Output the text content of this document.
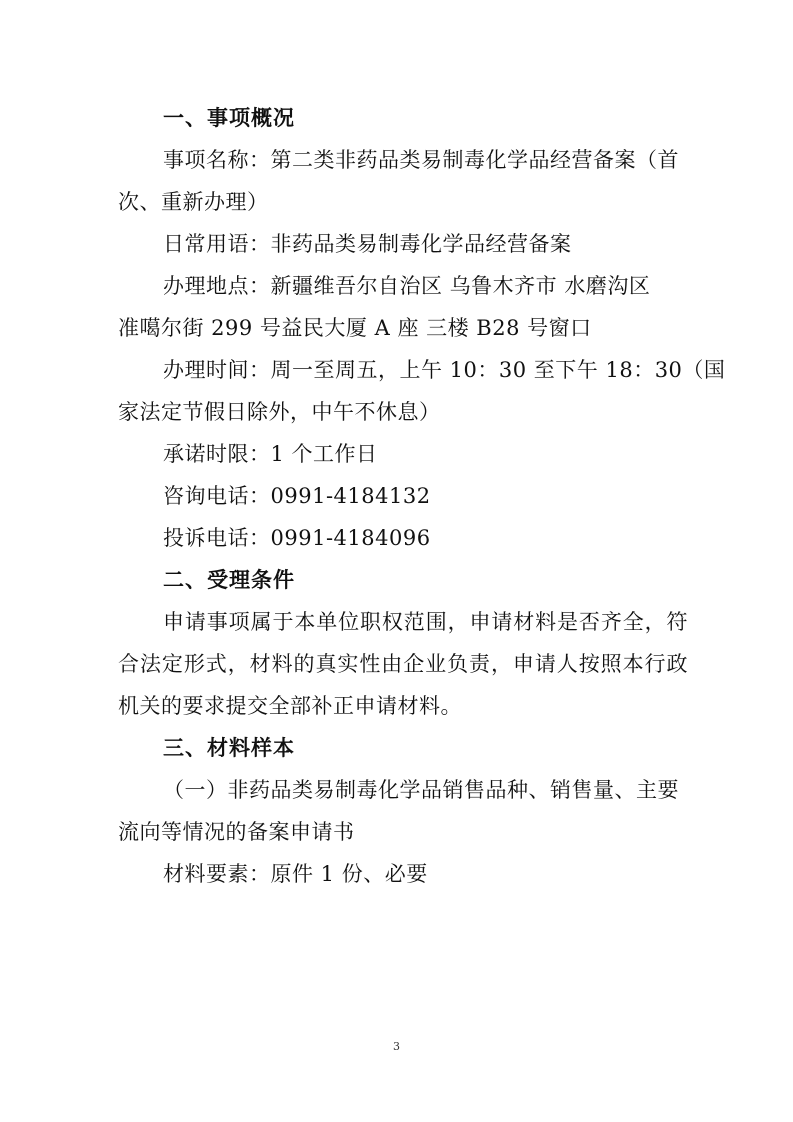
一、事项概况
事项名称：第二类非药品类易制毒化学品经营备案（首
次、重新办理）
日常用语：非药品类易制毒化学品经营备案
办理地点：新疆维吾尔自治区 乌鲁木齐市 水磨沟区
准噶尔街 299 号益民大厦 A 座 三楼 B28 号窗口
办理时间：周一至周五，上午 10：30 至下午 18：30（国
家法定节假日除外，中午不休息）
承诺时限：1 个工作日
咨询电话：0991-4184132
投诉电话：0991-4184096
二、受理条件
申请事项属于本单位职权范围，申请材料是否齐全，符
合法定形式，材料的真实性由企业负责，申请人按照本行政
机关的要求提交全部补正申请材料。
三、材料样本
（一）非药品类易制毒化学品销售品种、销售量、主要
流向等情况的备案申请书
材料要素：原件 1 份、必要
3
